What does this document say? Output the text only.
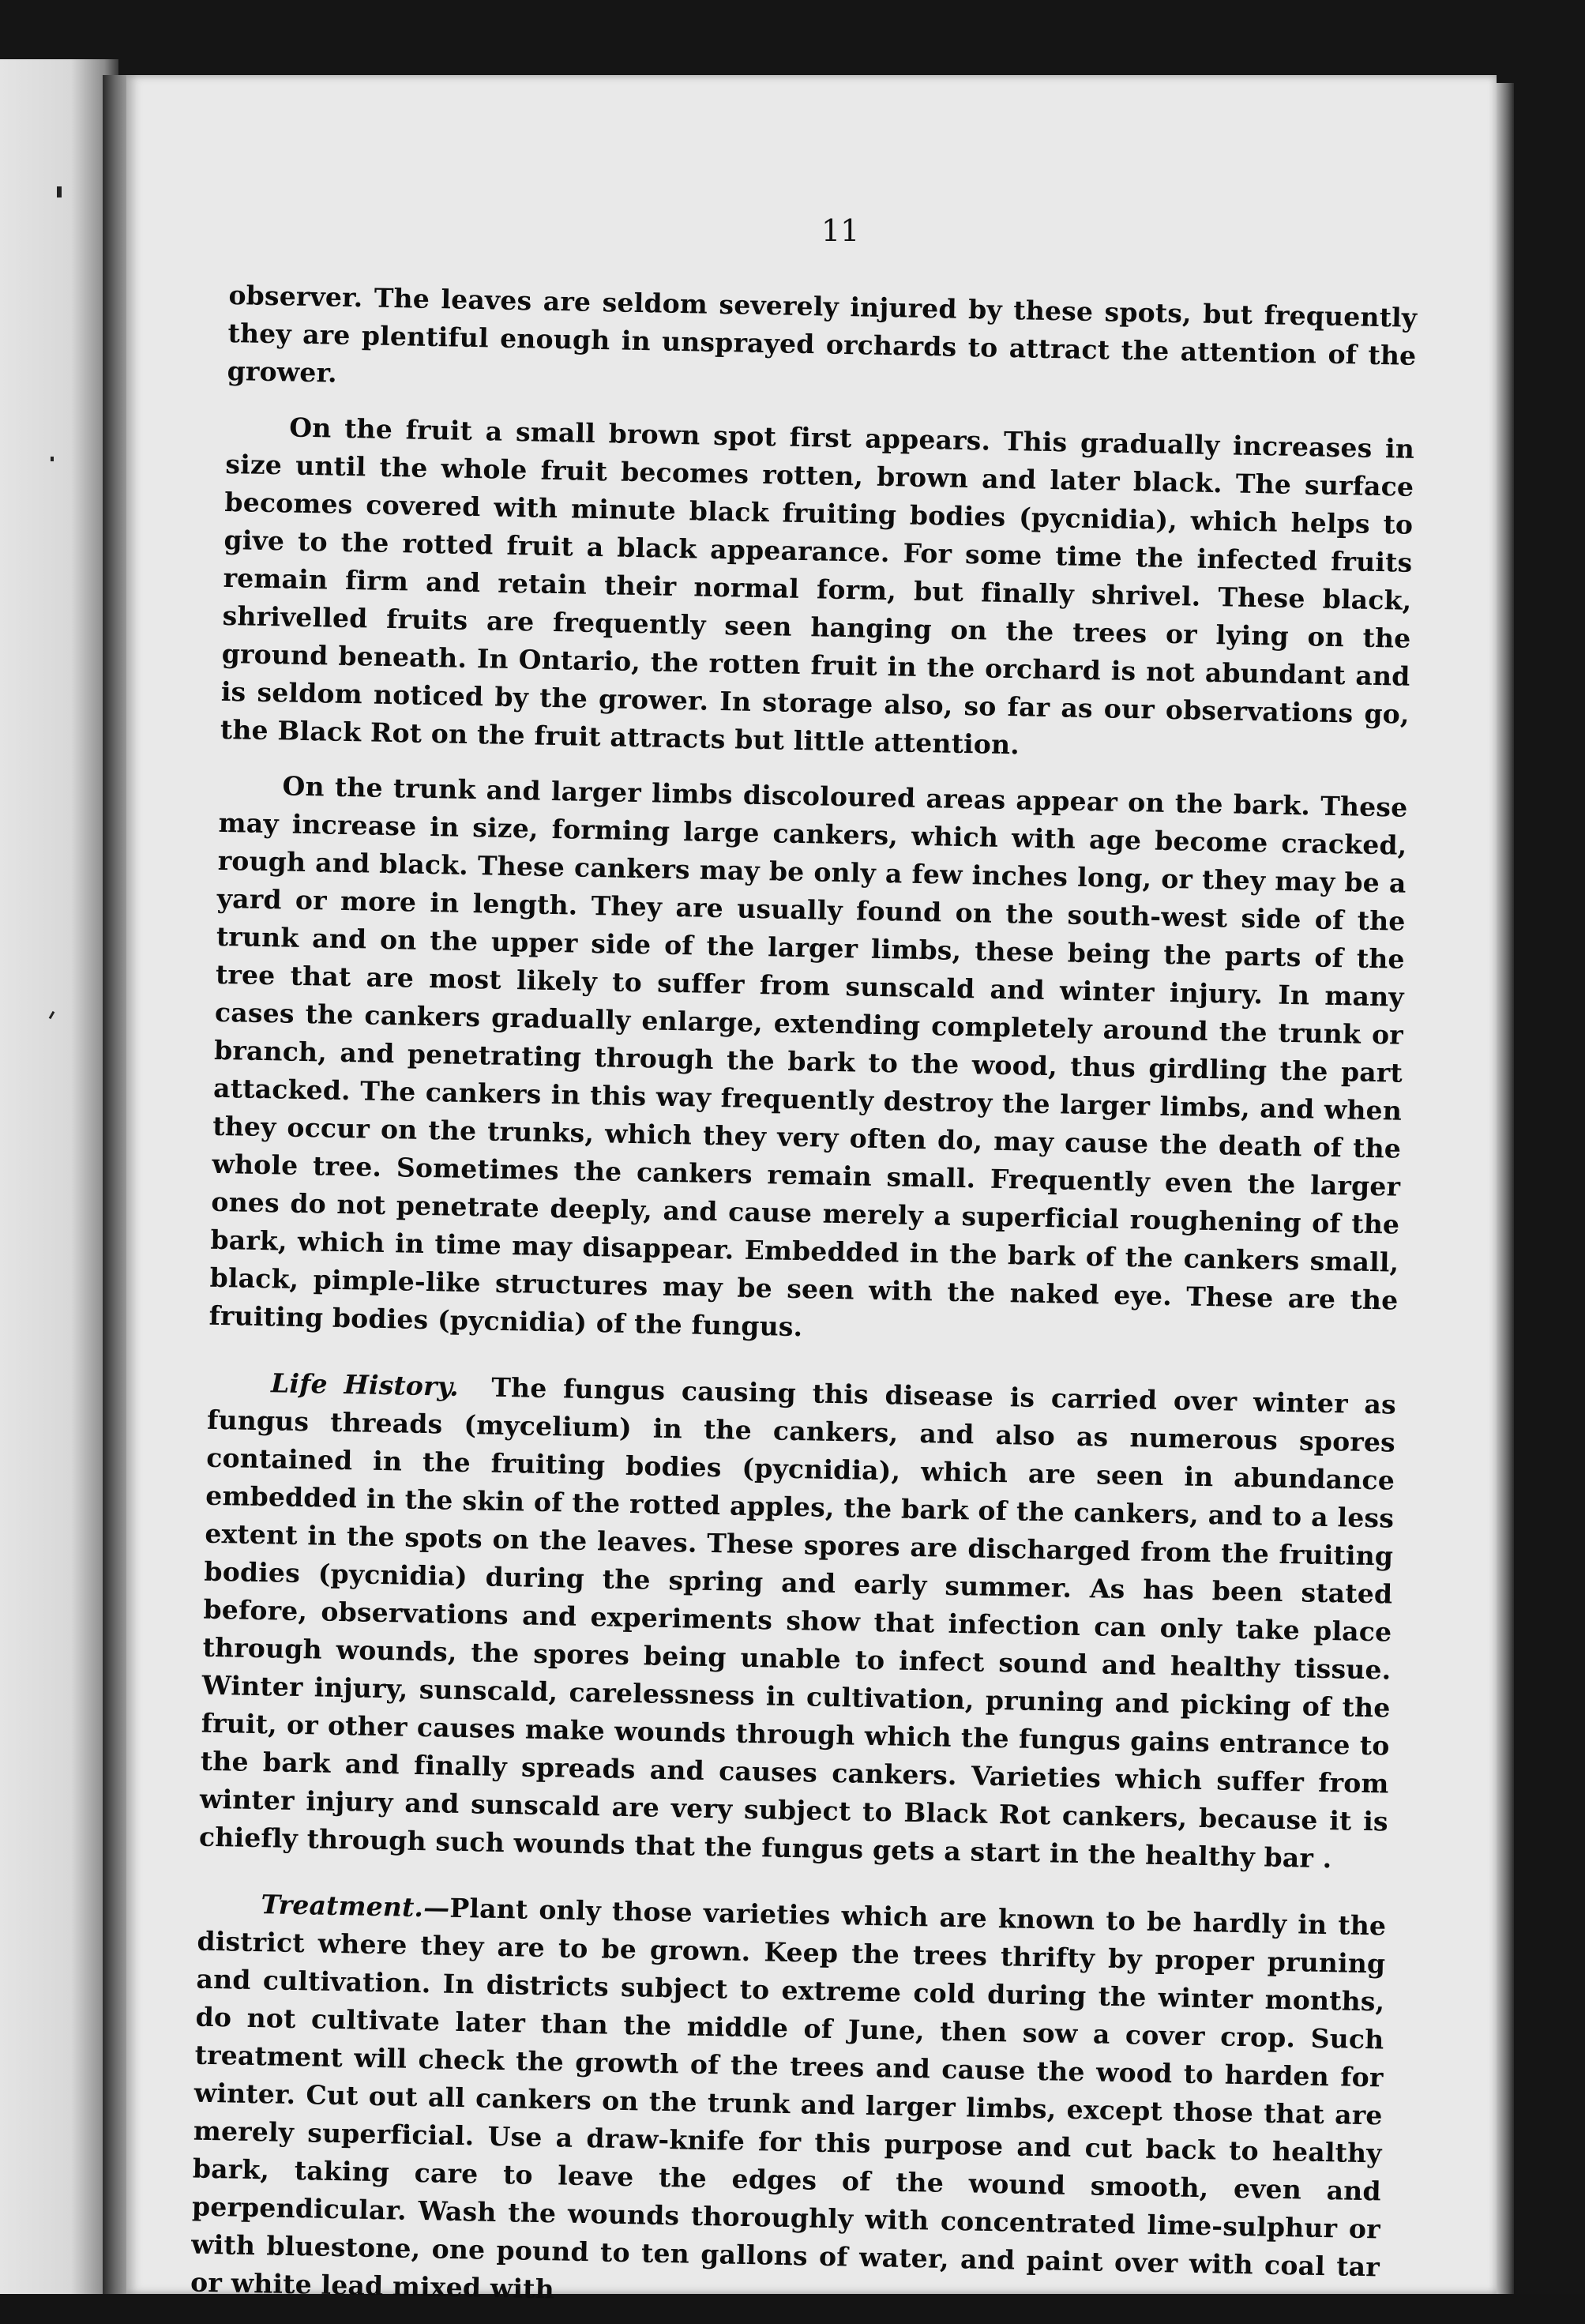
11

observer. The leaves are seldom severely injured by these spots, but frequently they are plentiful enough in unsprayed orchards to attract the attention of the grower.

On the fruit a small brown spot first appears. This gradually increases in size until the whole fruit becomes rotten, brown and later black. The surface becomes covered with minute black fruiting bodies (pycnidia), which helps to give to the rotted fruit a black appearance. For some time the infected fruits remain firm and retain their normal form, but finally shrivel. These black, shrivelled fruits are frequently seen hanging on the trees or lying on the ground beneath. In Ontario, the rotten fruit in the orchard is not abundant and is seldom noticed by the grower. In storage also, so far as our observations go, the Black Rot on the fruit attracts but little attention.

On the trunk and larger limbs discoloured areas appear on the bark. These may increase in size, forming large cankers, which with age become cracked, rough and black. These cankers may be only a few inches long, or they may be a yard or more in length. They are usually found on the south-west side of the trunk and on the upper side of the larger limbs, these being the parts of the tree that are most likely to suffer from sunscald and winter injury. In many cases the cankers gradually enlarge, extending completely around the trunk or branch, and penetrating through the bark to the wood, thus girdling the part attacked. The cankers in this way frequently destroy the larger limbs, and when they occur on the trunks, which they very often do, may cause the death of the whole tree. Sometimes the cankers remain small. Frequently even the larger ones do not penetrate deeply, and cause merely a superficial roughening of the bark, which in time may disappear. Embedded in the bark of the cankers small, black, pimple-like structures may be seen with the naked eye. These are the fruiting bodies (pycnidia) of the fungus.

Life History. The fungus causing this disease is carried over winter as fungus threads (mycelium) in the cankers, and also as numerous spores contained in the fruiting bodies (pycnidia), which are seen in abundance embedded in the skin of the rotted apples, the bark of the cankers, and to a less extent in the spots on the leaves. These spores are discharged from the fruiting bodies (pycnidia) during the spring and early summer. As has been stated before, observations and experiments show that infection can only take place through wounds, the spores being unable to infect sound and healthy tissue. Winter injury, sunscald, carelessness in cultivation, pruning and picking of the fruit, or other causes make wounds through which the fungus gains entrance to the bark and finally spreads and causes cankers. Varieties which suffer from winter injury and sunscald are very subject to Black Rot cankers, because it is chiefly through such wounds that the fungus gets a start in the healthy bar .

Treatment.—Plant only those varieties which are known to be hardly in the district where they are to be grown. Keep the trees thrifty by proper pruning and cultivation. In districts subject to extreme cold during the winter months, do not cultivate later than the middle of June, then sow a cover crop. Such treatment will check the growth of the trees and cause the wood to harden for winter. Cut out all cankers on the trunk and larger limbs, except those that are merely superficial. Use a draw-knife for this purpose and cut back to healthy bark, taking care to leave the edges of the wound smooth, even and perpendicular. Wash the wounds thoroughly with concentrated lime-sulphur or with bluestone, one pound to ten gallons of water, and paint over with coal tar or white lead mixed with
